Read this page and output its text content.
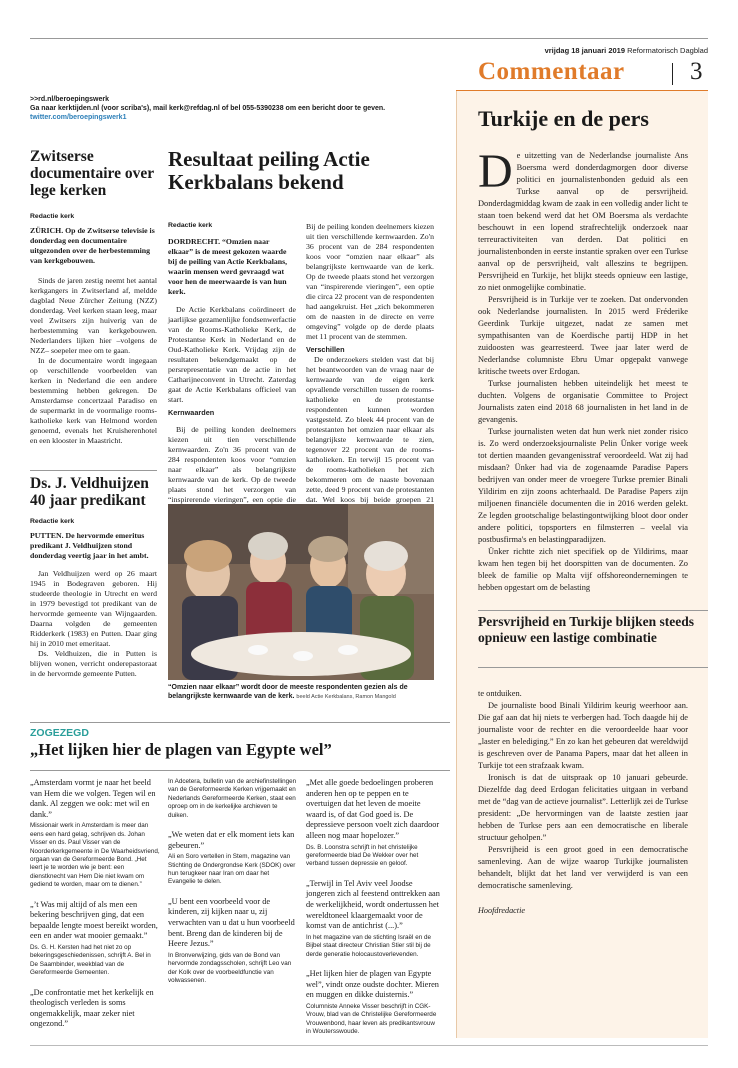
vrijdag 18 januari 2019 Reformatorisch Dagblad
Commentaar	3
Turkije en de pers

De uitzetting van de Nederlandse journaliste Ans Boersma werd donderdagmorgen door diverse politici en journalistenbonden geduid als een Turkse aanval op de persvrijheid. Donderdagmiddag kwam de zaak in een volledig ander licht te staan toen bekend werd dat het OM Boersma als verdachte beschouwt in een lopend strafrechtelijk onderzoek naar terreuractiviteiten van derden. Dat politici en journalistenbonden in eerste instantie spraken over een Turkse aanval op de persvrijheid, valt alleszins te begrijpen. Persvrijheid en Turkije, het blijkt steeds opnieuw een lastige, zo niet onmogelijke combinatie.

Persvrijheid is in Turkije ver te zoeken. Dat ondervonden ook Nederlandse journalisten. In 2015 werd Fréderike Geerdink Turkije uitgezet, nadat ze samen met sympathisanten van de Koerdische partij HDP in het zuidoosten was gearresteerd. Twee jaar later werd de Nederlandse columniste Ebru Umar opgepakt vanwege kritische tweets over Erdogan.

Turkse journalisten hebben uiteindelijk het meest te duchten. Volgens de organisatie Committee to Project Journalists zaten eind 2018 68 journalisten in het land in de gevangenis.

Turkse journalisten weten dat hun werk niet zonder risico is. Zo werd onderzoeksjournaliste Pelin Ünker vorige week tot dertien maanden gevangenisstraf veroordeeld. Wat zij had misdaan? Ünker had via de zogenaamde Paradise Papers bedrijven van onder meer de vroegere Turkse premier Binali Yildirim en zijn zoons achterhaald. De Paradise Papers zijn miljoenen financiële documenten die in 2016 werden gelekt. Ze legden grootschalige belastingontwijking bloot door onder andere politici, topsporters en filmsterren – veelal via postbusfirma's en belastingparadijzen.

Ünker richtte zich niet specifiek op de Yildirims, maar kwam hen tegen bij het doorspitten van de documenten. Zo bleek de familie op Malta vijf offshoreondernemingen te hebben opgestart om de belasting

Persvrijheid en Turkije blijken steeds opnieuw een lastige combinatie

te ontduiken.

De journaliste bood Binali Yildirim keurig weerhoor aan. Die gaf aan dat hij niets te verbergen had. Toch daagde hij de journaliste voor de rechter en die veroordeelde haar voor „laster en belediging.” En zo kan het gebeuren dat wereldwijd is geschreven over de Panama Papers, maar dat het alleen in Turkije tot een strafzaak kwam.

Ironisch is dat de uitspraak op 10 januari gebeurde. Diezelfde dag deed Erdogan felicitaties uitgaan in verband met de “dag van de actieve journalist”. Letterlijk zei de Turkse president: „De hervormingen van de laatste zestien jaar hebben de Turkse pers aan een democratische en liberale structuur geholpen.”

Persvrijheid is een groot goed in een democratische samenleving. Aan de wijze waarop Turkijke journalisten behandelt, blijkt dat het land ver verwijderd is van een democratische samenleving.

Hoofdredactie
>>rd.nl/beroepingswerk
Ga naar kerktijden.nl (voor scriba's), mail kerk@refdag.nl of bel 055-5390238 om een bericht door te geven.
twitter.com/beroepingswerk1
Zwitserse documentaire over lege kerken
Redactie kerk
ZÜRICH. Op de Zwitserse televisie is donderdag een documentaire uitgezonden over de herbestemming van kerkgebouwen.

Sinds de jaren zestig neemt het aantal kerkgangers in Zwitserland af, meldde dagblad Neue Zürcher Zeitung (NZZ) donderdag. Veel kerken staan leeg, maar veel Zwitsers zijn huiverig van de herbestemming van kerkgebouwen. Nederlanders lijken hier –volgens de NZZ– soepeler mee om te gaan.

In de documentaire wordt ingegaan op verschillende voorbeelden van kerken in Nederland die een andere bestemming hebben gekregen. De Amsterdamse concertzaal Paradiso en de supermarkt in de voormalige rooms-katholieke kerk van Helmond worden genoemd, evenals het Kruisherenhotel en een klooster in Maastricht.

Ds. J. Veldhuijzen 40 jaar predikant
Redactie kerk
PUTTEN. De hervormde emeritus predikant J. Veldhuijzen stond donderdag veertig jaar in het ambt.

Jan Veldhuijzen werd op 26 maart 1945 in Bodegraven geboren. Hij studeerde theologie in Utrecht en werd in 1979 bevestigd tot predikant van de hervormde gemeente van Wijngaarden. Daarna volgden de gemeenten Ridderkerk (1983) en Putten. Daar ging hij in 2010 met emeritaat.

Ds. Veldhuizen, die in Putten is blijven wonen, verricht onderepastoraat in de hervormde gemeente Putten.

Resultaat peiling Actie Kerkbalans bekend
Redactie kerk
DORDRECHT. “Omzien naar elkaar” is de meest gekozen waarde bij de peiling van Actie Kerkbalans, waarin mensen werd gevraagd wat voor hen de meerwaarde is van hun kerk.

De Actie Kerkbalans coördineert de jaarlijkse gezamenlijke fondsenwerfactie van de Rooms-Katholieke Kerk, de Protestantse Kerk in Nederland en de Oud-Katholieke Kerk. Vrijdag zijn de resultaten bekendgemaakt op de persrepresentatie van de actie in het Catharijneconvent in Utrecht. Zaterdag gaat de Actie Kerkbalans officieel van start.

Kernwaarden

Bij de peiling konden deelnemers kiezen uit tien verschillende kernwaarden. Zo'n 36 procent van de 284 respondenten koos voor “omzien naar elkaar” als belangrijkste kernwaarde van de kerk. Op de tweede plaats stond het verzorgen van “inspirerende vieringen”, een optie die

Bij de peiling konden deelnemers kiezen uit tien verschillende kernwaarden. Zo'n 36 procent van de 284 respondenten koos voor “omzien naar elkaar” als belangrijkste kernwaarde van de kerk. Op de tweede plaats stond het verzorgen van “inspirerende vieringen”, een optie die circa 22 procent van de respondenten had aangekruist. Het „zich bekommeren om de naasten in de directe en verre omgeving” volgde op de derde plaats met 11 procent van de stemmen.

Verschillen

De onderzoekers stelden vast dat bij het beantwoorden van de vraag naar de kernwaarde van de eigen kerk opvallende verschillen tussen de rooms-katholieke en de protestantse respondenten kunnen worden vastgesteld. Zo bleek 44 procent van de protestanten het omzien naar elkaar als belangrijkste kernwaarde te zien, tegenover 22 procent van de rooms-katholieken. En terwijl 15 procent van de rooms-katholieken het zich bekommeren om de naaste bovenaan zette, deed 9 procent van de protestanten dat. Wel koos bij beide groepen 21

“Omzien naar elkaar” wordt door de meeste respondenten gezien als de belangrijkste kernwaarde van de kerk. beeld Actie Kerkbalans, Ramon Mangold
ZOGEZEGD
„Het lijken hier de plagen van Egypte wel”
„Amsterdam vormt je naar het beeld van Hem die we volgen. Tegen wil en dank. Al zeggen we ook: met wil en dank.”
Missionair werk in Amsterdam is meer dan eens een hard gelag, schrijven ds. Johan Visser en ds. Paul Visser van de Noorderkerkgemeente in De Waarheidsvriend, orgaan van de Gereformeerde Bond. „Het leert je te worden wie je bent: een dienstknecht van Hem Die niet kwam om gediend te worden, maar om te dienen.”
„’t Was mij altijd of als men een bekering beschrijven ging, dat een bepaalde lengte moest bereikt worden, een en ander wat mooier gemaakt.”
Ds. G. H. Kersten had het niet zo op bekeringsgeschiedenissen, schrijft A. Bel in De Saambinder, weekblad van de Gereformeerde Gemeenten.
„De confrontatie met het kerkelijk en theologisch verleden is soms ongemakkelijk, maar zeker niet ongezond.”
In Adcetera, bulletin van de archiefinstellingen van de Gereformeerde Kerken vrijgemaakt en Nederlands Gereformeerde Kerken, staat een oproep om in de kerkelijke archieven te duiken.
„We weten dat er elk moment iets kan gebeuren.”
Ali en Soro vertellen in Stem, magazine van Stichting de Ondergrondse Kerk (SDOK) over hun terugkeer naar Iran om daar het Evangelie te delen.
„U bent een voorbeeld voor de kinderen, zij kijken naar u, zij verwachten van u dat u hun voorbeeld bent. Breng dan de kinderen bij de Heere Jezus.”
In Bronverwijzing, gids van de Bond van hervormde zondagsscholen, schrijft Leo van der Kolk over de voorbeeldfunctie van volwassenen.
„Met alle goede bedoelingen proberen anderen hen op te peppen en te overtuigen dat het leven de moeite waard is, of dat God goed is. De depressieve persoon voelt zich daardoor alleen nog maar hopelozer.”
Ds. B. Loonstra schrijft in het christelijke gereformeerde blad De Wekker over het verband tussen depressie en geloof.
„Terwijl in Tel Aviv veel Joodse jongeren zich al feestend onttrekken aan de werkelijkheid, wordt ondertussen het wereldtoneel klaargemaakt voor de komst van de antichrist (...).”
In het magazine van de stichting Israël en de Bijbel staat directeur Christian Stier stil bij de derde generatie holocaustoverlevenden.
„Het lijken hier de plagen van Egypte wel”, vindt onze oudste dochter. Mieren en muggen en dikke duisternis.”
Columniste Anneke Visser beschrijft in CGK-Vrouw, blad van de Christelijke Gereformeerde Vrouwenbond, haar leven als predikantsvrouw in Woutersswoude.
